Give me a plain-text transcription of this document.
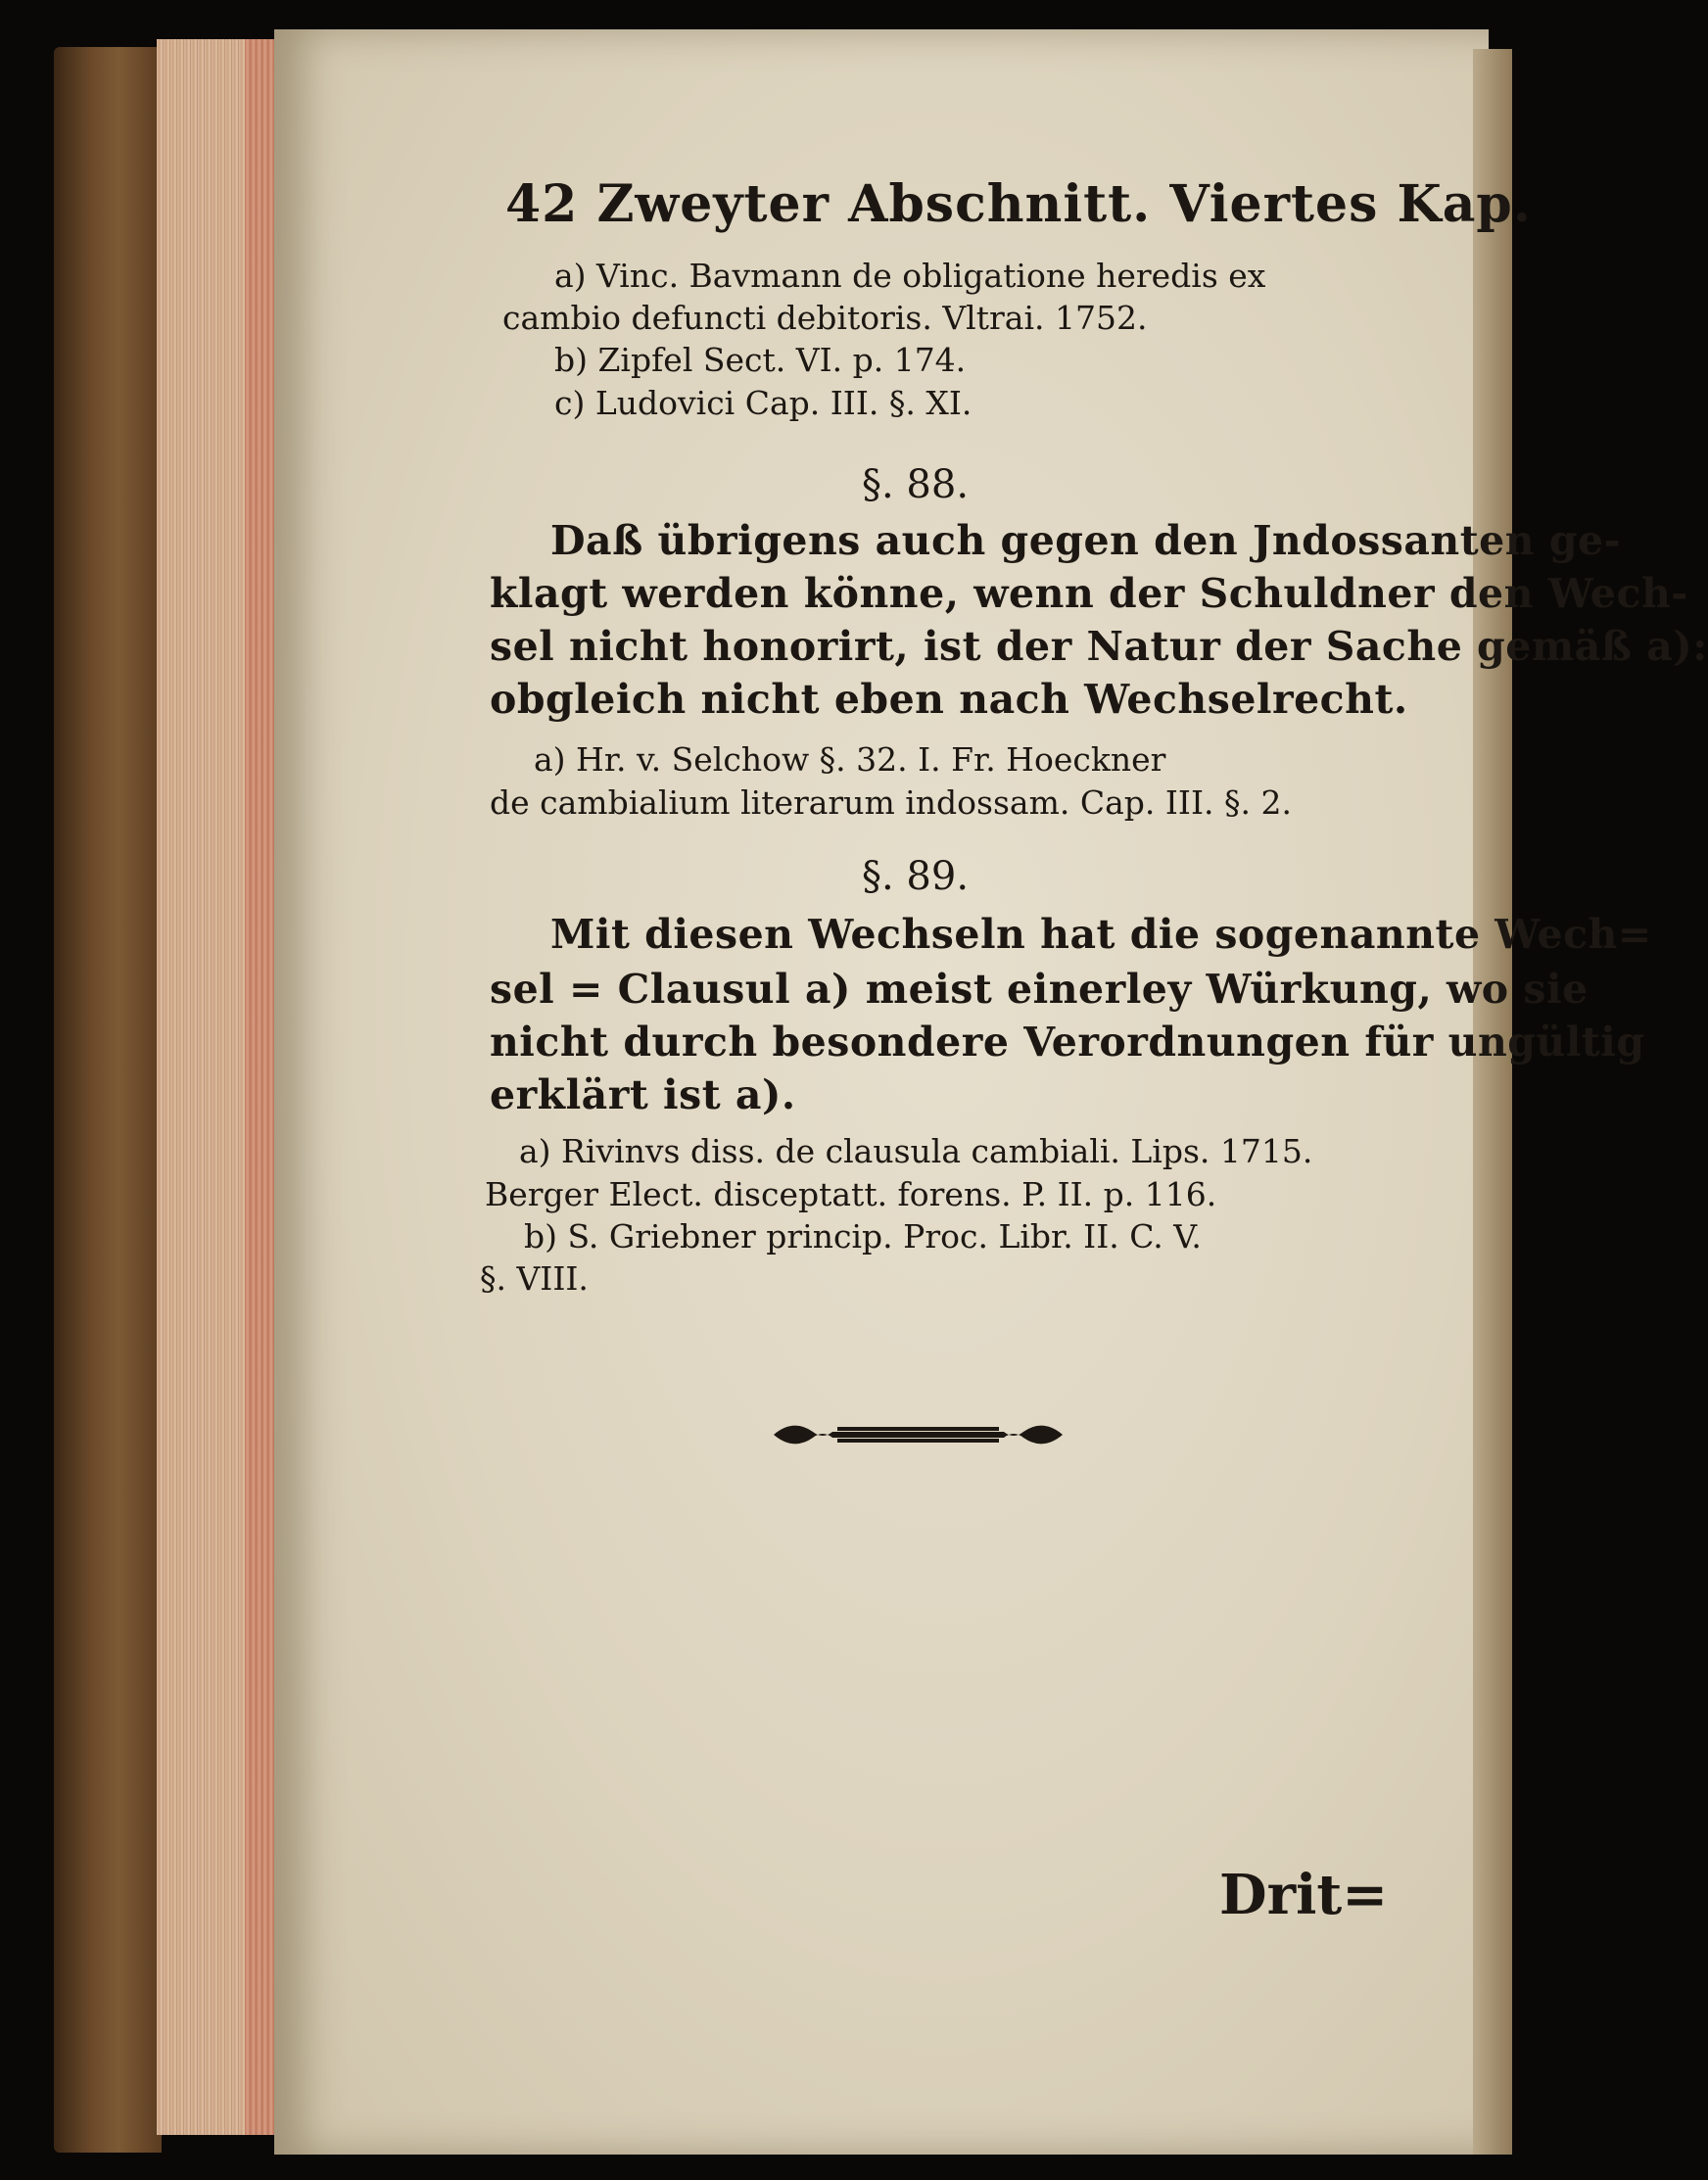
42 Zweyter Abschnitt. Viertes Kap.
a) Vinc. Bavmann de obligatione heredis ex
cambio defuncti debitoris. Vltrai. 1752.
b) Zipfel Sect. VI. p. 174.
c) Ludovici Cap. III. §. XI.
§. 88.
Daß übrigens auch gegen den Jndossanten ge-
klagt werden könne, wenn der Schuldner den Wech-
sel nicht honorirt, ist der Natur der Sache gemäß a):
obgleich nicht eben nach Wechselrecht.
a) Hr. v. Selchow §. 32. I. Fr. Hoeckner
de cambialium literarum indossam. Cap. III. §. 2.
§. 89.
Mit diesen Wechseln hat die sogenannte Wech=
sel = Clausul a) meist einerley Würkung, wo sie
nicht durch besondere Verordnungen für ungültig
erklärt ist a).
a) Rivinvs diss. de clausula cambiali. Lips. 1715.
Berger Elect. disceptatt. forens. P. II. p. 116.
b) S. Griebner princip. Proc. Libr. II. C. V.
§. VIII.
Drit=
